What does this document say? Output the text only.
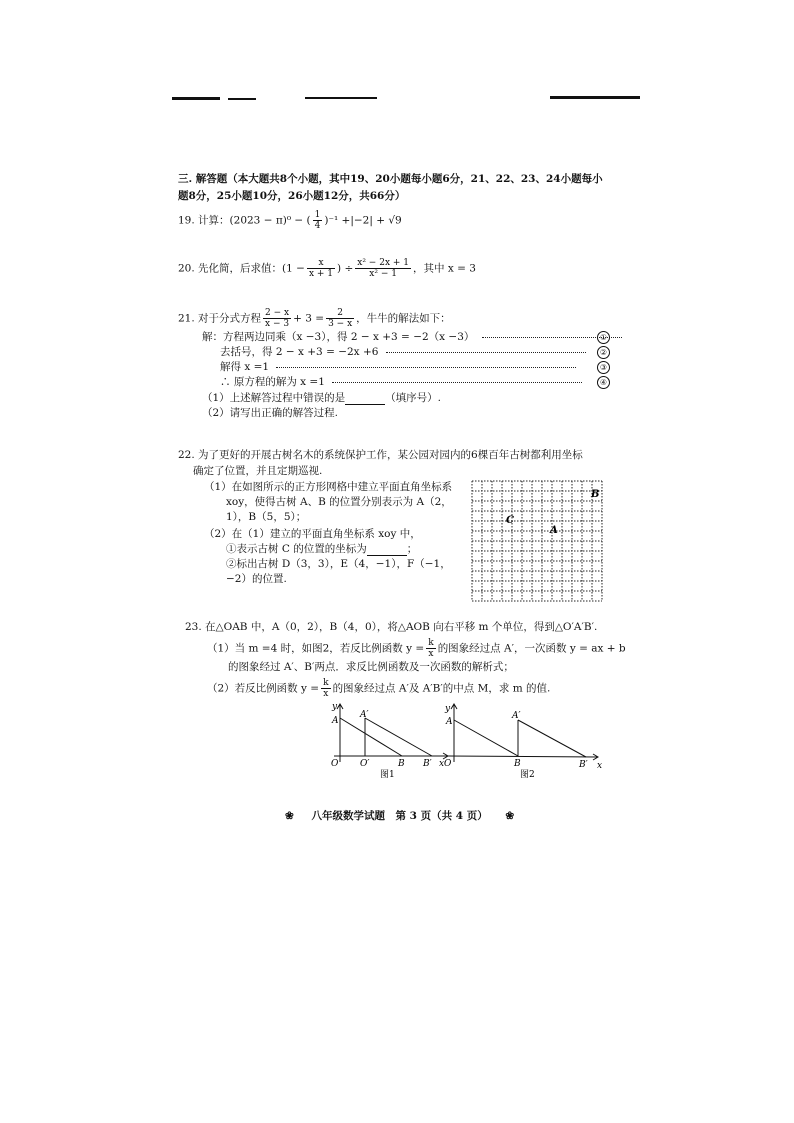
三. 解答题（本大题共8个小题，其中19、20小题每小题6分，21、22、23、24小题每小
题8分，25小题10分，26小题12分，共66分）
19. 计算：(2023 − π)⁰ − ( $\frac{1}{4} )^{-1} +|-2| + √9$
20. 先化简，后求值：($1 - \frac{x}{x + 1}$ ) ÷ $\frac{\text{x² − 2x + 1}}{\text{x² − 1}}$ ，其中 x = 3
21. 对于分式方程 $\frac{2 - x}{x - 3} + 3 = \frac{2}{3 - x}$ ，牛牛的解法如下：
解：方程两边同乘（x −3），得 2 − x +3 = −2（x −3）	①
去括号，得 2 − x +3 = −2x +6	②
解得 x =1	③
∴ 原方程的解为 x =1	④
（1）上述解答过程中错误的是	（填序号）.
（2）请写出正确的解答过程.
22. 为了更好的开展古树名木的系统保护工作，某公园对园内的6棵百年古树都利用坐标
确定了位置，并且定期巡视.
（1）在如图所示的正方形网格中建立平面直角坐标系
xoy，使得古树 A、B 的位置分别表示为 A（2，
1），B（5，5）；
（2）在（1）建立的平面直角坐标系 xoy 中，
①表示古树 C 的位置的坐标为	；
②标出古树 D（3，3），E（4，−1），F（−1，
−2）的位置.
B
C
A
23. 在△OAB 中，A（0，2），B（4，0），将△AOB 向右平移 m 个单位，得到△O′A′B′.
（1）当 m =4 时，如图2，若反比例函数 $y = \frac{k}{x}$ 的图象经过点 A′，一次函数 y = ax + b
的图象经过 A′、B′两点．求反比例函数及一次函数的解析式；
（2）若反比例函数 $y = \frac{k}{x}$ 的图象经过点 A′及 A′B′的中点 M，求 m 的值.
y
A
A′
O O′	B B′ x
图1
y
A
A′
O	B	B′ x
图2
❀ 八年级数学试题　第 3 页（共 4 页） ❀
